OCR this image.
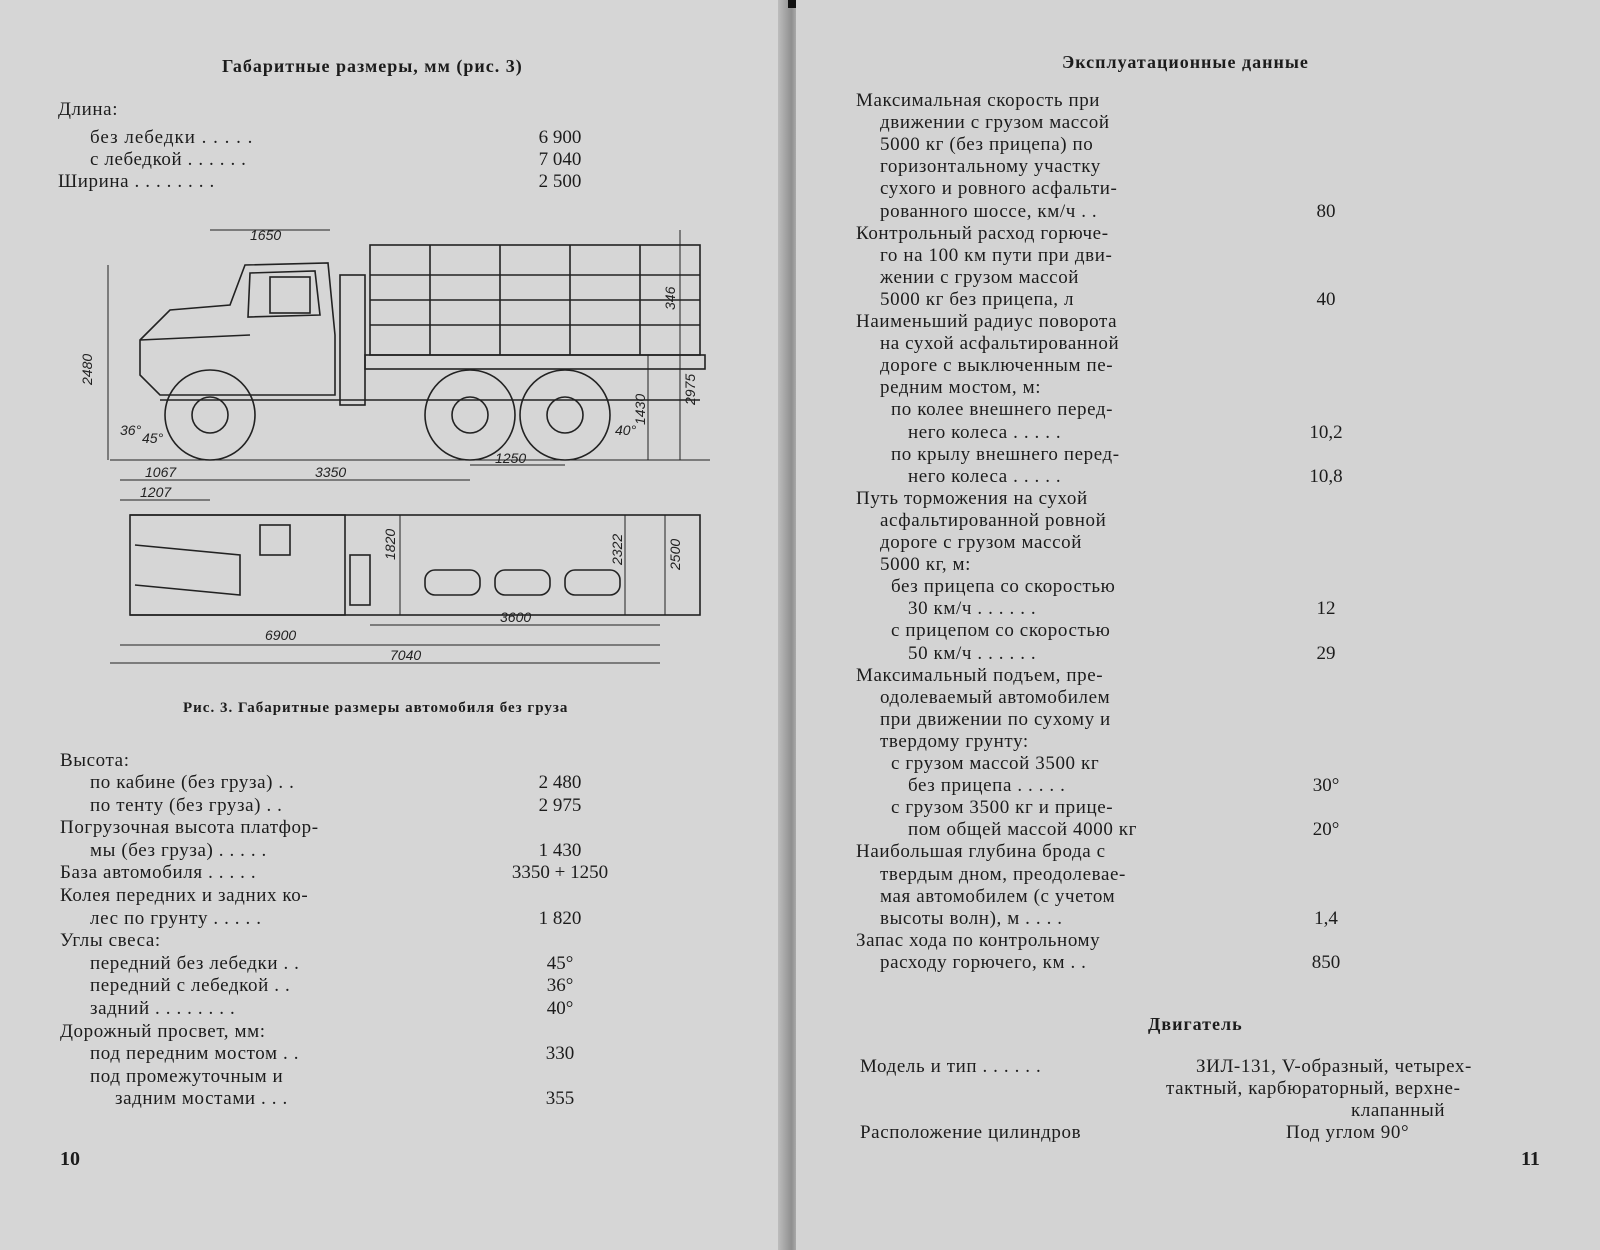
Габаритные размеры, мм (рис. 3)
Длина:
без лебедки . . . . .	6 900
с лебедкой . . . . . .	7 040
Ширина . . . . . . . .	2 500
1650
2480
346
2975
1430
36° 45°	40°
1067
1207
3350
1250
1820	2322	2500
3600
6900
7040
Рис. 3. Габаритные размеры автомобиля без груза
Высота:
по кабине (без груза) . .	2 480
по тенту (без груза) . .	2 975
Погрузочная высота платфор-
мы (без груза) . . . . .	1 430
База автомобиля . . . . .	3350 + 1250
Колея передних и задних ко-
лес по грунту . . . . .	1 820
Углы свеса:
передний без лебедки . .	45°
передний с лебедкой . .	36°
задний . . . . . . . .	40°
Дорожный просвет, мм:
под передним мостом . .	330
под промежуточным и
задним мостами . . .	355
10
Эксплуатационные данные
Максимальная скорость при
движении с грузом массой
5000 кг (без прицепа) по
горизонтальному участку
сухого и ровного асфальти-
рованного шоссе, км/ч . .	80
Контрольный расход горюче-
го на 100 км пути при дви-
жении с грузом массой
5000 кг без прицепа, л	40
Наименьший радиус поворота
на сухой асфальтированной
дороге с выключенным пе-
редним мостом, м:
по колее внешнего перед-
него колеса . . . . .	10,2
по крылу внешнего перед-
него колеса . . . . .	10,8
Путь торможения на сухой
асфальтированной ровной
дороге с грузом массой
5000 кг, м:
без прицепа со скоростью
30 км/ч . . . . . .	12
с прицепом со скоростью
50 км/ч . . . . . .	29
Максимальный подъем, пре-
одолеваемый автомобилем
при движении по сухому и
твердому грунту:
с грузом массой 3500 кг
без прицепа . . . . .	30°
с грузом 3500 кг и прице-
пом общей массой 4000 кг	20°
Наибольшая глубина брода с
твердым дном, преодолевае-
мая автомобилем (с учетом
высоты волн), м . . . .	1,4
Запас хода по контрольному
расходу горючего, км . .	850
Двигатель
Модель и тип . . . . . .	ЗИЛ-131, V-образный, четырех-
тактный, карбюраторный, верхне-
клапанный
Расположение цилиндров	Под углом 90°
11
